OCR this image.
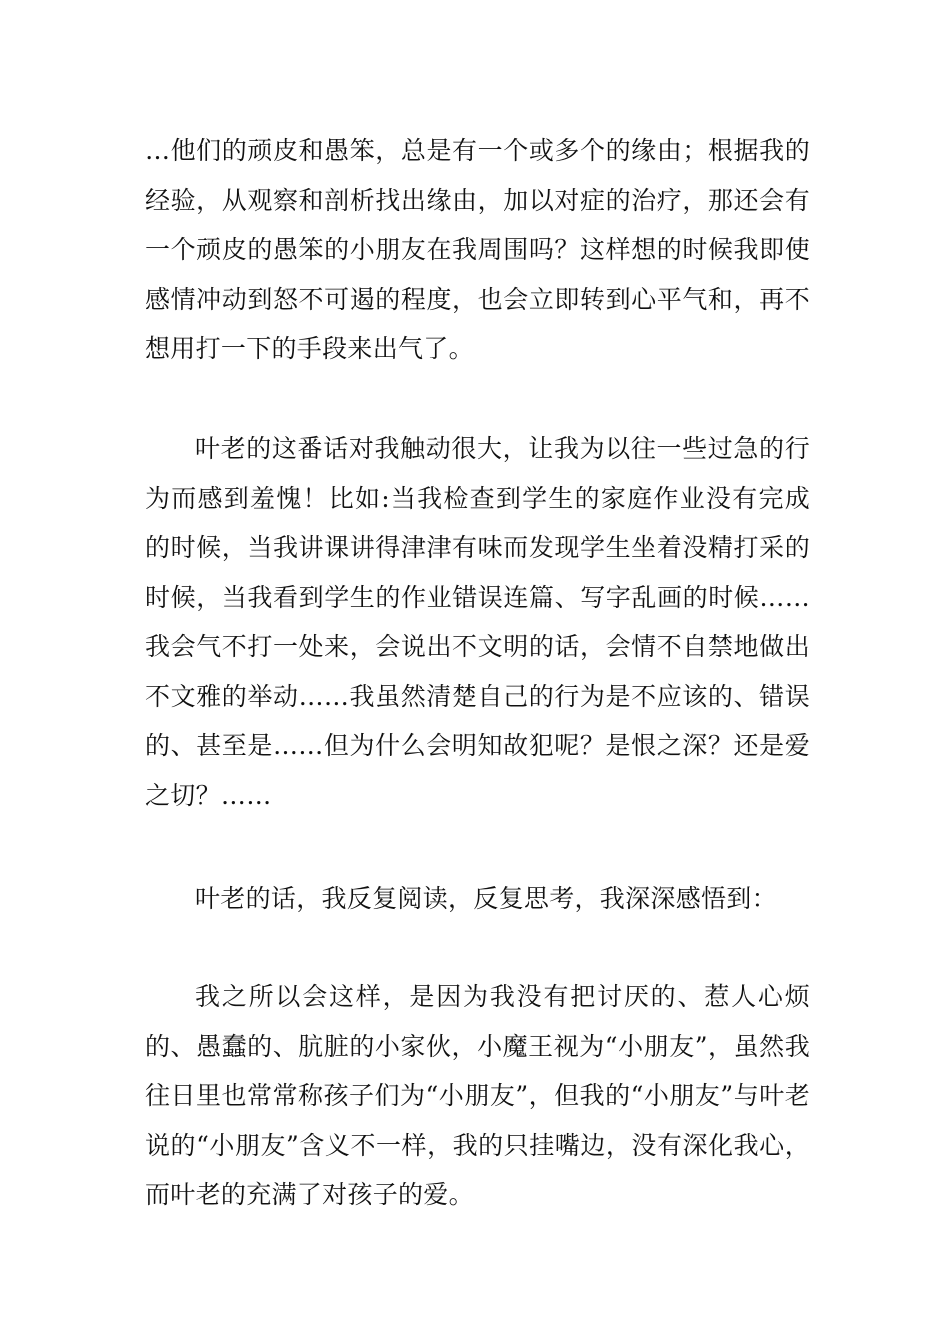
…他们的顽皮和愚笨，总是有一个或多个的缘由；根据我的经验，从观察和剖析找出缘由，加以对症的治疗，那还会有一个顽皮的愚笨的小朋友在我周围吗？这样想的时候我即使感情冲动到怒不可遏的程度，也会立即转到心平气和，再不想用打一下的手段来出气了。

叶老的这番话对我触动很大，让我为以往一些过急的行为而感到羞愧！比如:当我检查到学生的家庭作业没有完成的时候，当我讲课讲得津津有味而发现学生坐着没精打采的时候，当我看到学生的作业错误连篇、写字乱画的时候……我会气不打一处来，会说出不文明的话，会情不自禁地做出不文雅的举动……我虽然清楚自己的行为是不应该的、错误的、甚至是……但为什么会明知故犯呢？是恨之深？还是爱之切？……

叶老的话，我反复阅读，反复思考，我深深感悟到：

我之所以会这样，是因为我没有把讨厌的、惹人心烦的、愚蠢的、肮脏的小家伙，小魔王视为“小朋友”，虽然我往日里也常常称孩子们为“小朋友”，但我的“小朋友”与叶老说的“小朋友”含义不一样，我的只挂嘴边，没有深化我心，而叶老的充满了对孩子的爱。
